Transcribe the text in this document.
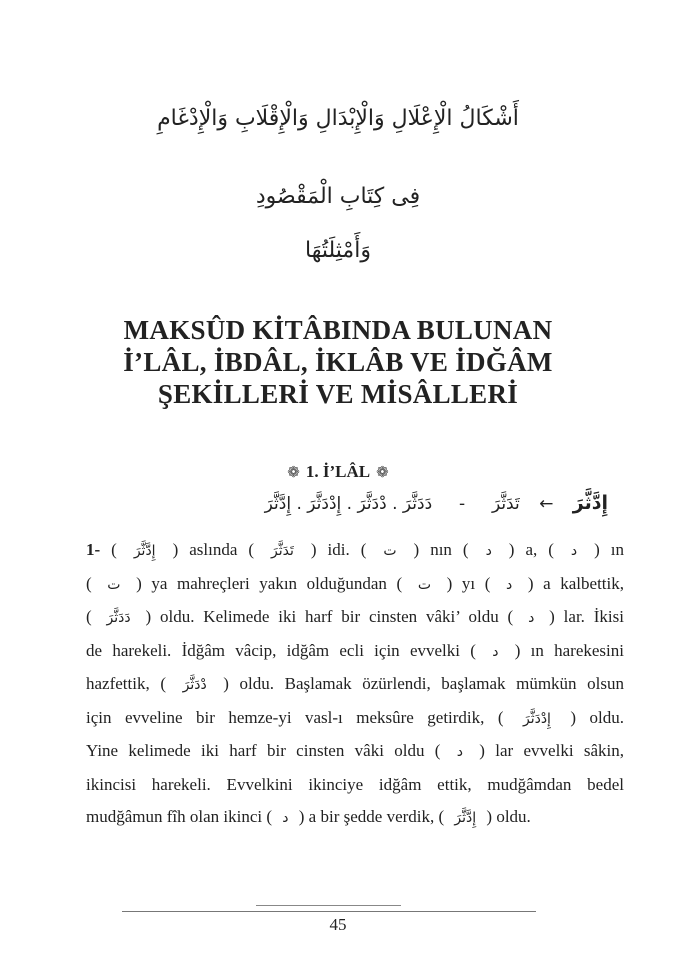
أَشْكَالُ الْإِعْلَالِ وَالْإِبْدَالِ وَالْإِقْلَابِ وَالْإِدْغَامِ
فِى كِتَابِ الْمَقْصُودِ
وَأَمْثِلَتُهَا
MAKSÛD KİTÂBINDA BULUNAN
İ’LÂL, İBDÂL, İKLÂB VE İDĞÂM
ŞEKİLLERİ VE MİSÂLLERİ
❁ 1. İ’LÂL ❁
إِدَّثَّرَ ← تَدَثَّرَ  -  دَدَثَّرَ . دْدَثَّرَ . إِدْدَثَّرَ . إِدَّثَّرَ
1- ( إِدَّثَّرَ ) aslında ( تَدَثَّرَ ) idi. ( ت ) nın ( د ) a, ( د ) ın
( ت ) ya mahreçleri yakın olduğundan ( ت ) yı ( د ) a kalbettik,
( دَدَثَّرَ ) oldu. Kelimede iki harf bir cinsten vâki’ oldu ( د ) lar. İkisi
de harekeli. İdğâm vâcip, idğâm ecli için evvelki ( د ) ın harekesini
hazfettik, ( دْدَثَّرَ ) oldu. Başlamak özürlendi, başlamak mümkün olsun
için evveline bir hemze-yi vasl-ı meksûre getirdik, ( إِدْدَثَّرَ ) oldu.
Yine kelimede iki harf bir cinsten vâki oldu ( د ) lar evvelki sâkin,
ikincisi harekeli. Evvelkini ikinciye idğâm ettik, mudğâmdan bedel
mudğâmun fîh olan ikinci ( د ) a bir şedde verdik, ( إِدَّثَّرَ ) oldu.
45
